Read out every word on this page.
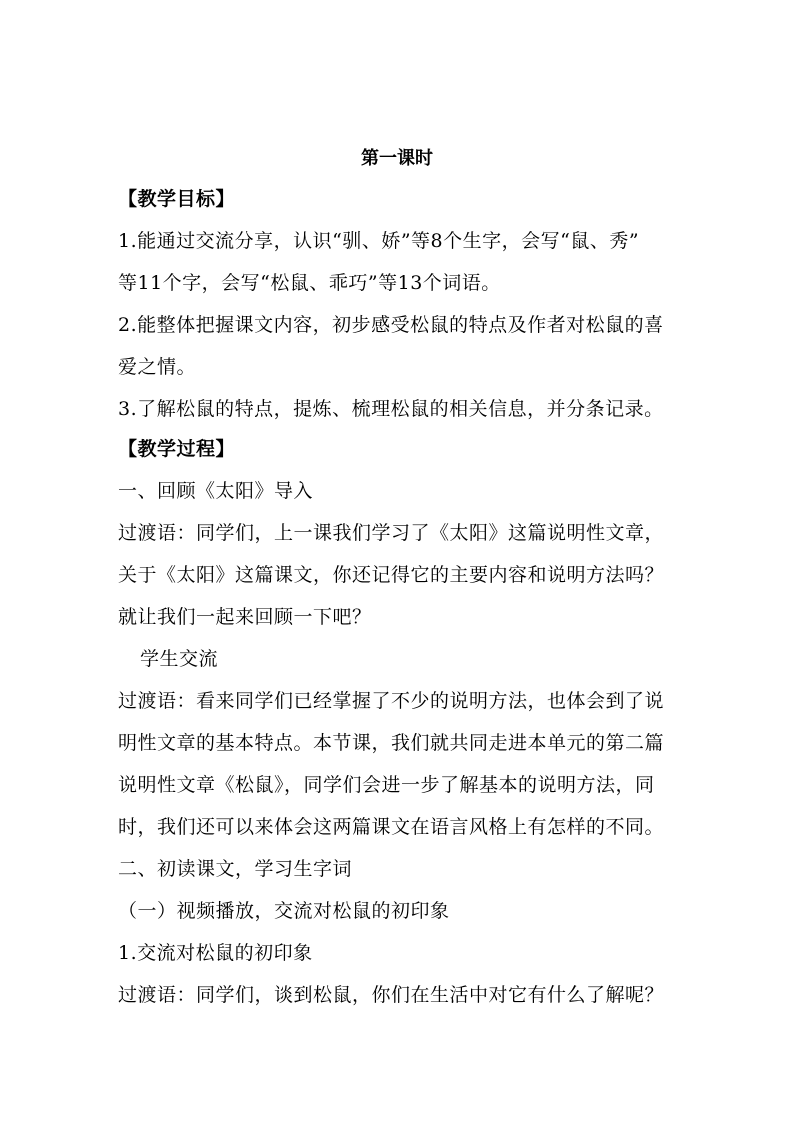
第一课时
【教学目标】
1.能通过交流分享，认识“驯、娇”等8个生字，会写“鼠、秀”
等11个字，会写“松鼠、乖巧”等13个词语。
2.能整体把握课文内容，初步感受松鼠的特点及作者对松鼠的喜
爱之情。
3.了解松鼠的特点，提炼、梳理松鼠的相关信息，并分条记录。
【教学过程】
一、回顾《太阳》导入
过渡语：同学们，上一课我们学习了《太阳》这篇说明性文章，
关于《太阳》这篇课文，你还记得它的主要内容和说明方法吗？
就让我们一起来回顾一下吧？
学生交流
过渡语：看来同学们已经掌握了不少的说明方法，也体会到了说
明性文章的基本特点。本节课，我们就共同走进本单元的第二篇
说明性文章《松鼠》，同学们会进一步了解基本的说明方法，同
时，我们还可以来体会这两篇课文在语言风格上有怎样的不同。
二、初读课文，学习生字词
（一）视频播放，交流对松鼠的初印象
1.交流对松鼠的初印象
过渡语：同学们，谈到松鼠，你们在生活中对它有什么了解呢？
